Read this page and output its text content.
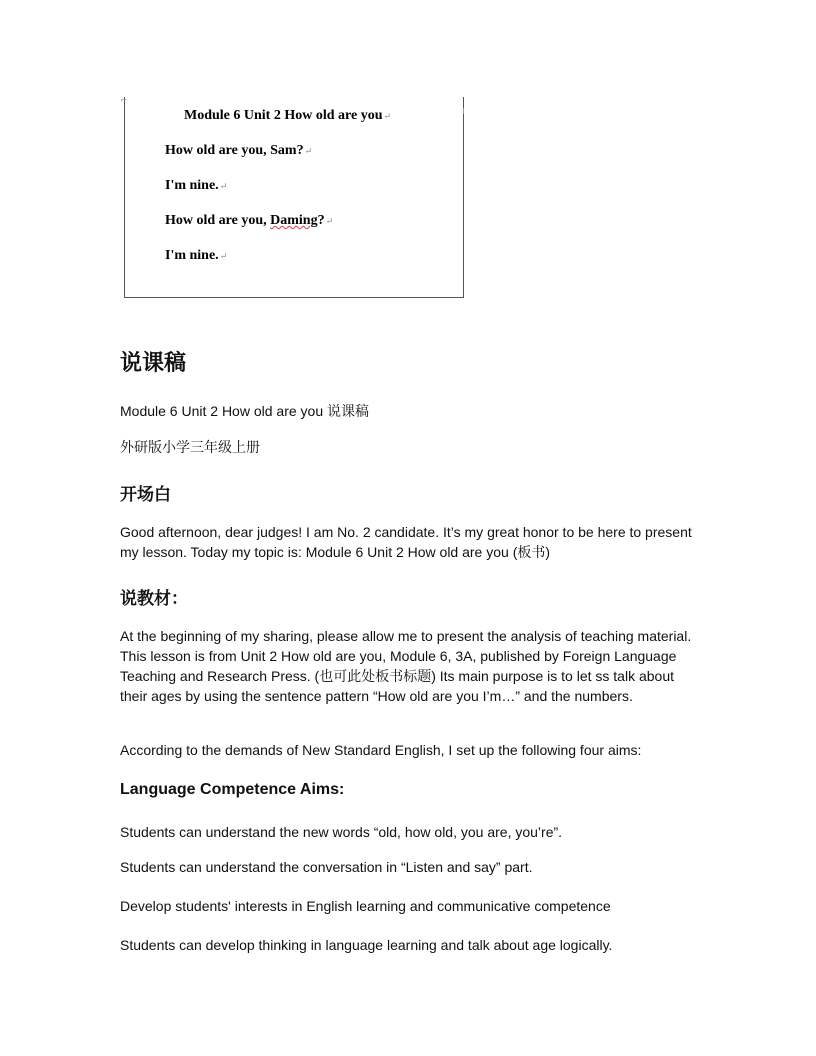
⌐
Module 6 Unit 2 How old are you↵
How old are you, Sam?↵
I'm nine.↵
How old are you, Daming?↵
I'm nine.↵
说课稿

Module 6 Unit 2 How old are you 说课稿

外研版小学三年级上册

开场白

Good afternoon, dear judges! I am No. 2 candidate. It’s my great honor to be here to present my lesson. Today my topic is: Module 6 Unit 2 How old are you (板书)

说教材：

At the beginning of my sharing, please allow me to present the analysis of teaching material. This lesson is from Unit 2 How old are you, Module 6, 3A, published by Foreign Language Teaching and Research Press. (也可此处板书标题) Its main purpose is to let ss talk about their ages by using the sentence pattern “How old are you I’m…” and the numbers.

According to the demands of New Standard English, I set up the following four aims:

Language Competence Aims:

Students can understand the new words “old, how old, you are, you’re”.

Students can understand the conversation in “Listen and say” part.

Develop students' interests in English learning and communicative competence

Students can develop thinking in language learning and talk about age logically.
